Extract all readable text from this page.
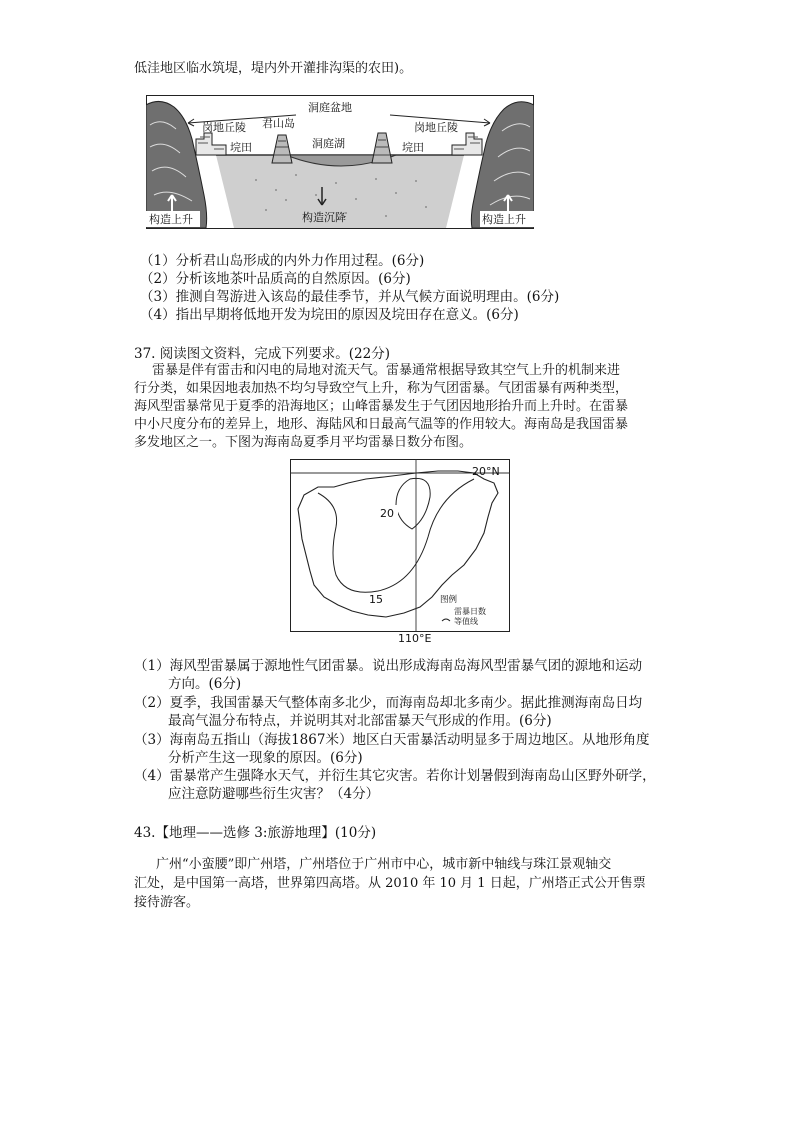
低洼地区临水筑堤，堤内外开灌排沟渠的农田)。
洞庭盆地
岗地丘陵 君山岛	岗地丘陵
垸田	洞庭湖	垸田
构造上升	构造沉降	构造上升
（1）分析君山岛形成的内外力作用过程。(6分)
（2）分析该地茶叶品质高的自然原因。(6分)
（3）推测自驾游进入该岛的最佳季节，并从气候方面说明理由。(6分)
（4）指出早期将低地开发为垸田的原因及垸田存在意义。(6分)
37. 阅读图文资料，完成下列要求。(22分)
雷暴是伴有雷击和闪电的局地对流天气。雷暴通常根据导致其空气上升的机制来进
行分类，如果因地表加热不均匀导致空气上升，称为气团雷暴。气团雷暴有两种类型，
海风型雷暴常见于夏季的沿海地区；山峰雷暴发生于气团因地形抬升而上升时。在雷暴
中小尺度分布的差异上，地形、海陆风和日最高气温等的作用较大。海南岛是我国雷暴
多发地区之一。下图为海南岛夏季月平均雷暴日数分布图。
20
15
20°N
110°E
图例
雷暴日数
等值线
（1）海风型雷暴属于源地性气团雷暴。说出形成海南岛海风型雷暴气团的源地和运动
方向。(6分)
（2）夏季，我国雷暴天气整体南多北少，而海南岛却北多南少。据此推测海南岛日均
最高气温分布特点，并说明其对北部雷暴天气形成的作用。(6分)
（3）海南岛五指山（海拔1867米）地区白天雷暴活动明显多于周边地区。从地形角度
分析产生这一现象的原因。(6分)
（4）雷暴常产生强降水天气，并衍生其它灾害。若你计划暑假到海南岛山区野外研学，
应注意防避哪些衍生灾害？（4分）
43.【地理——选修 3:旅游地理】(10分)
广州“小蛮腰”即广州塔，广州塔位于广州市中心，城市新中轴线与珠江景观轴交
汇处，是中国第一高塔，世界第四高塔。从 2010 年 10 月 1 日起，广州塔正式公开售票
接待游客。
